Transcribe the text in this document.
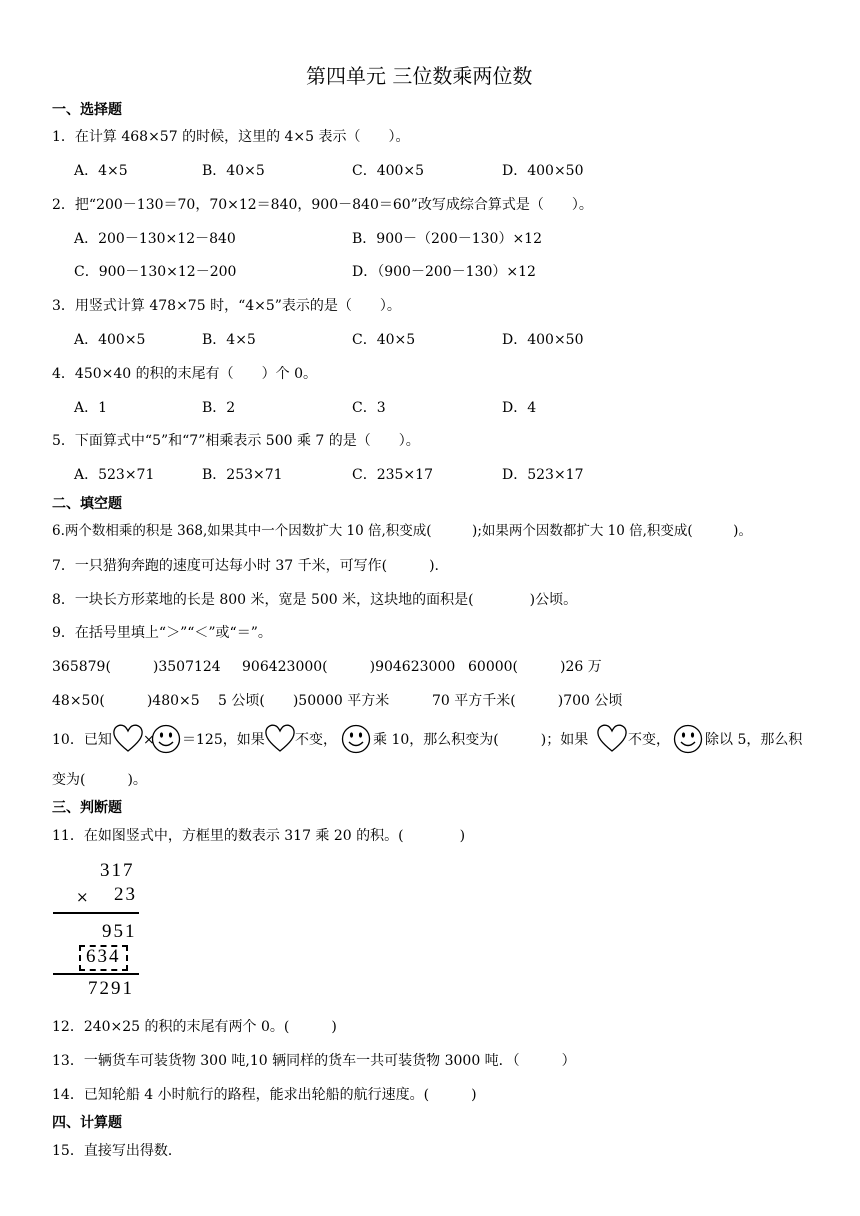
第四单元 三位数乘两位数
一、选择题
1．在计算 468×57 的时候，这里的 4×5 表示（　　）。
A．4×5	B．40×5	C．400×5	D．400×50
2．把“200－130＝70，70×12＝840，900－840＝60”改写成综合算式是（　　）。
A．200－130×12－840	B．900－（200－130）×12
C．900－130×12－200	D．（900－200－130）×12
3．用竖式计算 478×75 时，“4×5”表示的是（　　）。
A．400×5	B．4×5	C．40×5	D．400×50
4．450×40 的积的末尾有（　　）个 0。
A．1	B．2	C．3	D．4
5．下面算式中“5”和“7”相乘表示 500 乘 7 的是（　　）。
A．523×71	B．253×71	C．235×17	D．523×17
二、填空题
6.两个数相乘的积是 368,如果其中一个因数扩大 10 倍,积变成(　　　);如果两个因数都扩大 10 倍,积变成(　　　)。
7．一只猎狗奔跑的速度可达每小时 37 千米，可写作(　　　).
8．一块长方形菜地的长是 800 米，宽是 500 米，这块地的面积是(　　　　)公顷。
9．在括号里填上“＞”“＜”或“＝”。
365879(　　　)3507124 906423000(　　　)904623000 60000(　　　)26 万
48×50(　　　)480×5 5 公顷(　　)50000 平方米	70 平方千米(　　　)700 公顷
10．已知 × ＝125，如果 不变，	乘 10，那么积变为(　　　)；如果	不变，	除以 5，那么积
变为(　　　)。
三、判断题
11．在如图竖式中，方框里的数表示 317 乘 20 的积。(　　　　)
317
× 23
951
634
7291
12．240×25 的积的末尾有两个 0。(　　　)
13．一辆货车可装货物 300 吨,10 辆同样的货车一共可装货物 3000 吨．（　　　）
14．已知轮船 4 小时航行的路程，能求出轮船的航行速度。(　　　)
四、计算题
15．直接写出得数．
